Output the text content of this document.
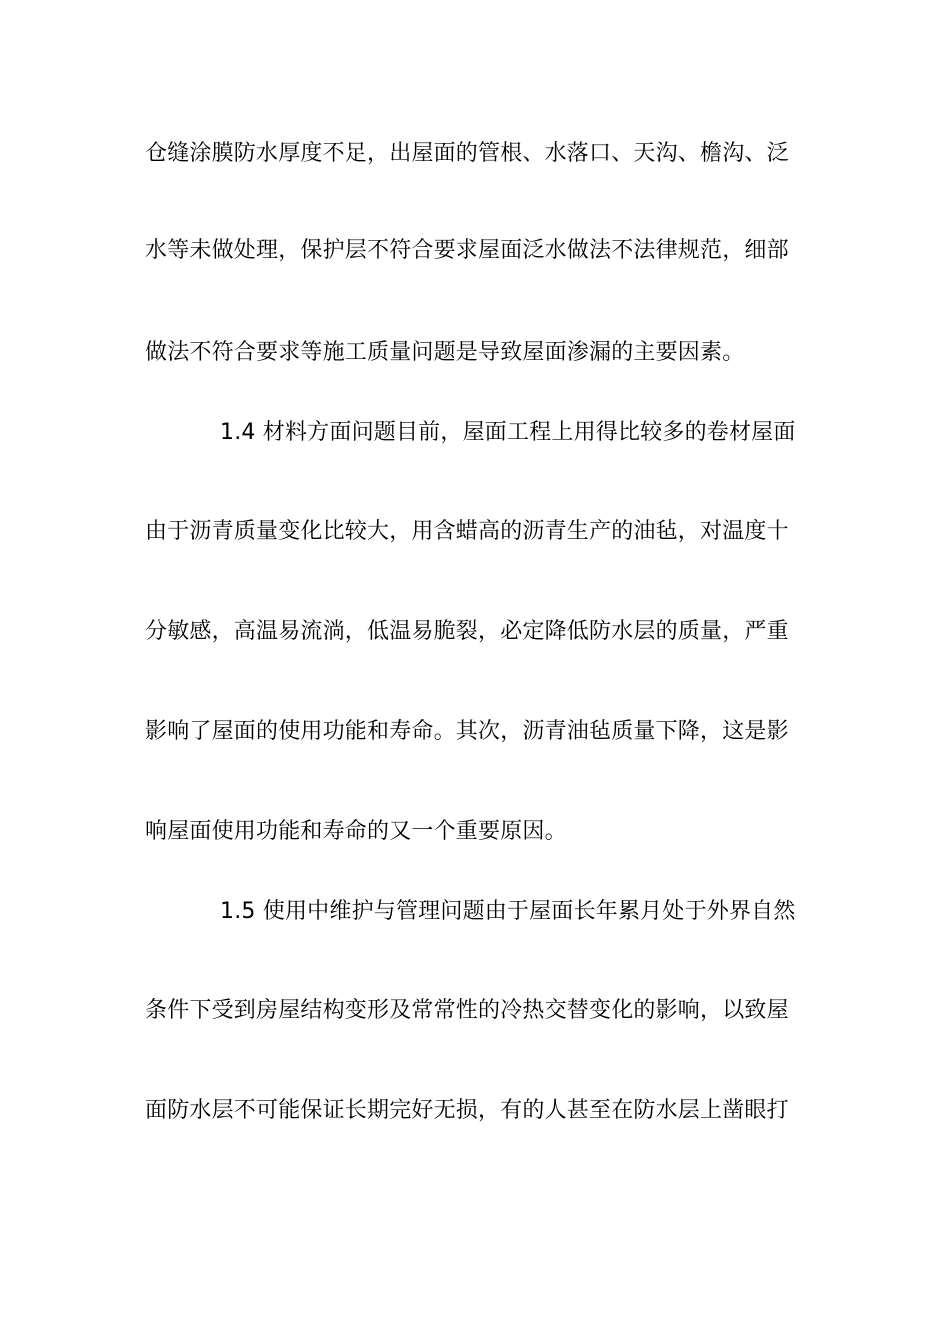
仓缝涂膜防水厚度不足，出屋面的管根、水落口、天沟、檐沟、泛
水等未做处理，保护层不符合要求屋面泛水做法不法律规范，细部
做法不符合要求等施工质量问题是导致屋面渗漏的主要因素。
1.4 材料方面问题目前，屋面工程上用得比较多的卷材屋面
由于沥青质量变化比较大，用含蜡高的沥青生产的油毡，对温度十
分敏感，高温易流淌，低温易脆裂，必定降低防水层的质量，严重
影响了屋面的使用功能和寿命。其次，沥青油毡质量下降，这是影
响屋面使用功能和寿命的又一个重要原因。
1.5 使用中维护与管理问题由于屋面长年累月处于外界自然
条件下受到房屋结构变形及常常性的冷热交替变化的影响，以致屋
面防水层不可能保证长期完好无损，有的人甚至在防水层上凿眼打
